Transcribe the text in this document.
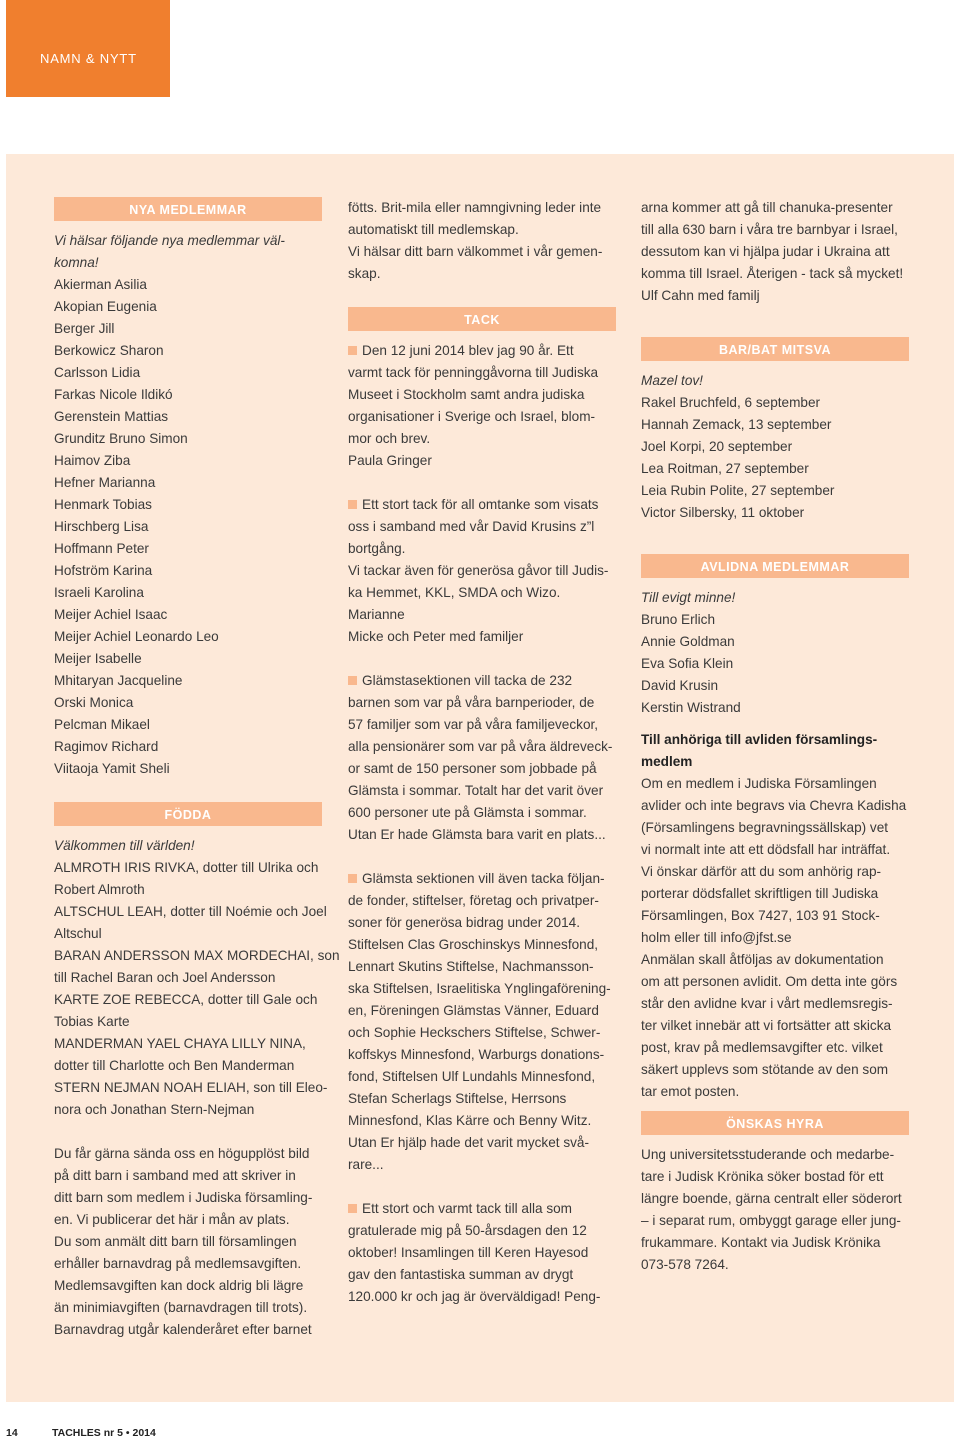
NAMN & NYTT
NYA MEDLEMMAR

Vi hälsar följande nya medlemmar väl-

komna!

Akierman Asilia

Akopian Eugenia

Berger Jill

Berkowicz Sharon

Carlsson Lidia

Farkas Nicole Ildikó

Gerenstein Mattias

Grunditz Bruno Simon

Haimov Ziba

Hefner Marianna

Henmark Tobias

Hirschberg Lisa

Hoffmann Peter

Hofström Karina

Israeli Karolina

Meijer Achiel Isaac

Meijer Achiel Leonardo Leo

Meijer Isabelle

Mhitaryan Jacqueline

Orski Monica

Pelcman Mikael

Ragimov Richard

Viitaoja Yamit Sheli

FÖDDA

Välkommen till världen!

ALMROTH IRIS RIVKA, dotter till Ulrika och

Robert Almroth

ALTSCHUL LEAH, dotter till Noémie och Joel

Altschul

BARAN ANDERSSON MAX MORDECHAI, son

till Rachel Baran och Joel Andersson

KARTE ZOE REBECCA, dotter till Gale och

Tobias Karte

MANDERMAN YAEL CHAYA LILLY NINA,

dotter till Charlotte och Ben Manderman

STERN NEJMAN NOAH ELIAH, son till Eleo-

nora och Jonathan Stern-Nejman

Du får gärna sända oss en högupplöst bild

på ditt barn i samband med att skriver in

ditt barn som medlem i Judiska församling-

en. Vi publicerar det här i mån av plats.

Du som anmält ditt barn till församlingen

erhåller barnavdrag på medlemsavgiften.

Medlemsavgiften kan dock aldrig bli lägre

än minimiavgiften (barnavdragen till trots).

Barnavdrag utgår kalenderåret efter barnet

fötts. Brit-mila eller namngivning leder inte

automatiskt till medlemskap.

Vi hälsar ditt barn välkommet i vår gemen-

skap.

TACK

Den 12 juni 2014 blev jag 90 år. Ett

varmt tack för penninggåvorna till Judiska

Museet i Stockholm samt andra judiska

organisationer i Sverige och Israel, blom-

mor och brev.

Paula Gringer

Ett stort tack för all omtanke som visats

oss i samband med vår David Krusins z”l

bortgång.

Vi tackar även för generösa gåvor till Judis-

ka Hemmet, KKL, SMDA och Wizo.

Marianne

Micke och Peter med familjer

Glämstasektionen vill tacka de 232

barnen som var på våra barnperioder, de

57 familjer som var på våra familjeveckor,

alla pensionärer som var på våra äldreveck-

or samt de 150 personer som jobbade på

Glämsta i sommar. Totalt har det varit över

600 personer ute på Glämsta i sommar.

Utan Er hade Glämsta bara varit en plats...

Glämsta sektionen vill även tacka följan-

de fonder, stiftelser, företag och privatper-

soner för generösa bidrag under 2014.

Stiftelsen Clas Groschinskys Minnesfond,

Lennart Skutins Stiftelse, Nachmansson-

ska Stiftelsen, Israelitiska Ynglingaförening-

en, Föreningen Glämstas Vänner, Eduard

och Sophie Heckschers Stiftelse, Schwer-

koffskys Minnesfond, Warburgs donations-

fond, Stiftelsen Ulf Lundahls Minnesfond,

Stefan Scherlags Stiftelse, Herrsons

Minnesfond, Klas Kärre och Benny Witz.

Utan Er hjälp hade det varit mycket svå-

rare...

Ett stort och varmt tack till alla som

gratulerade mig på 50-årsdagen den 12

oktober! Insamlingen till Keren Hayesod

gav den fantastiska summan av drygt

120.000 kr och jag är överväldigad! Peng-

arna kommer att gå till chanuka-presenter

till alla 630 barn i våra tre barnbyar i Israel,

dessutom kan vi hjälpa judar i Ukraina att

komma till Israel. Återigen - tack så mycket!

Ulf Cahn med familj

BAR/BAT MITSVA

Mazel tov!

Rakel Bruchfeld, 6 september

Hannah Zemack, 13 september

Joel Korpi, 20 september

Lea Roitman, 27 september

Leia Rubin Polite, 27 september

Victor Silbersky, 11 oktober

AVLIDNA MEDLEMMAR

Till evigt minne!

Bruno Erlich

Annie Goldman

Eva Sofia Klein

David Krusin

Kerstin Wistrand

Till anhöriga till avliden församlings-

medlem

Om en medlem i Judiska Församlingen

avlider och inte begravs via Chevra Kadisha

(Församlingens begravningssällskap) vet

vi normalt inte att ett dödsfall har inträffat.

Vi önskar därför att du som anhörig rap-

porterar dödsfallet skriftligen till Judiska

Församlingen, Box 7427, 103 91 Stock-

holm eller till info@jfst.se

Anmälan skall åtföljas av dokumentation

om att personen avlidit. Om detta inte görs

står den avlidne kvar i vårt medlemsregis-

ter vilket innebär att vi fortsätter att skicka

post, krav på medlemsavgifter etc. vilket

säkert upplevs som stötande av den som

tar emot posten.

ÖNSKAS HYRA

Ung universitetsstuderande och medarbe-

tare i Judisk Krönika söker bostad för ett

längre boende, gärna centralt eller söderort

– i separat rum, ombyggt garage eller jung-

frukammare. Kontakt via Judisk Krönika

073-578 7264.

14	TACHLES nr 5 • 2014
